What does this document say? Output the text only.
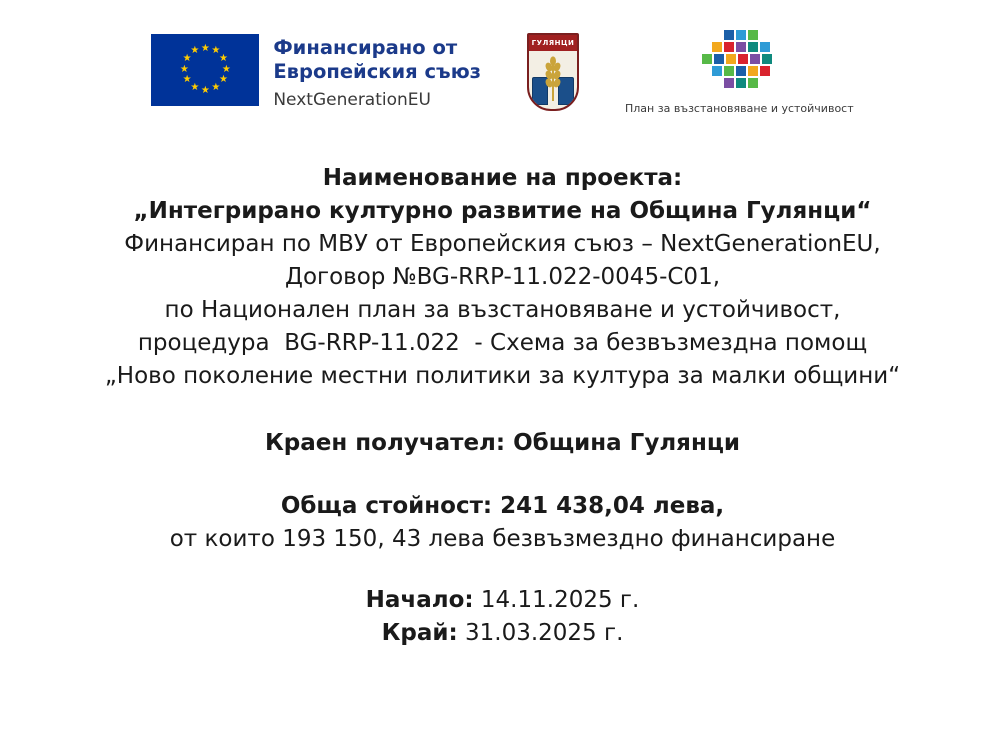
★ ★
★
★
★
★
★
★
★
★
★
★	Финансирано от
Европейския съюз
NextGenerationEU
ГУЛЯНЦИ
План за възстановяване и устойчивост
Наименование на проекта:
„Интегрирано културно развитие на Община Гулянци“
Финансиран по МВУ от Европейския съюз – NextGenerationEU,
Договор №BG-RRP-11.022-0045-C01,
по Национален план за възстановяване и устойчивост,
процедура  BG-RRP-11.022  - Схема за безвъзмездна помощ
„Ново поколение местни политики за култура за малки общини“
Краен получател: Община Гулянци
Обща стойност: 241 438,04 лева,
от които 193 150, 43 лева безвъзмездно финансиране
Начало: 14.11.2025 г.
Край: 31.03.2025 г.
